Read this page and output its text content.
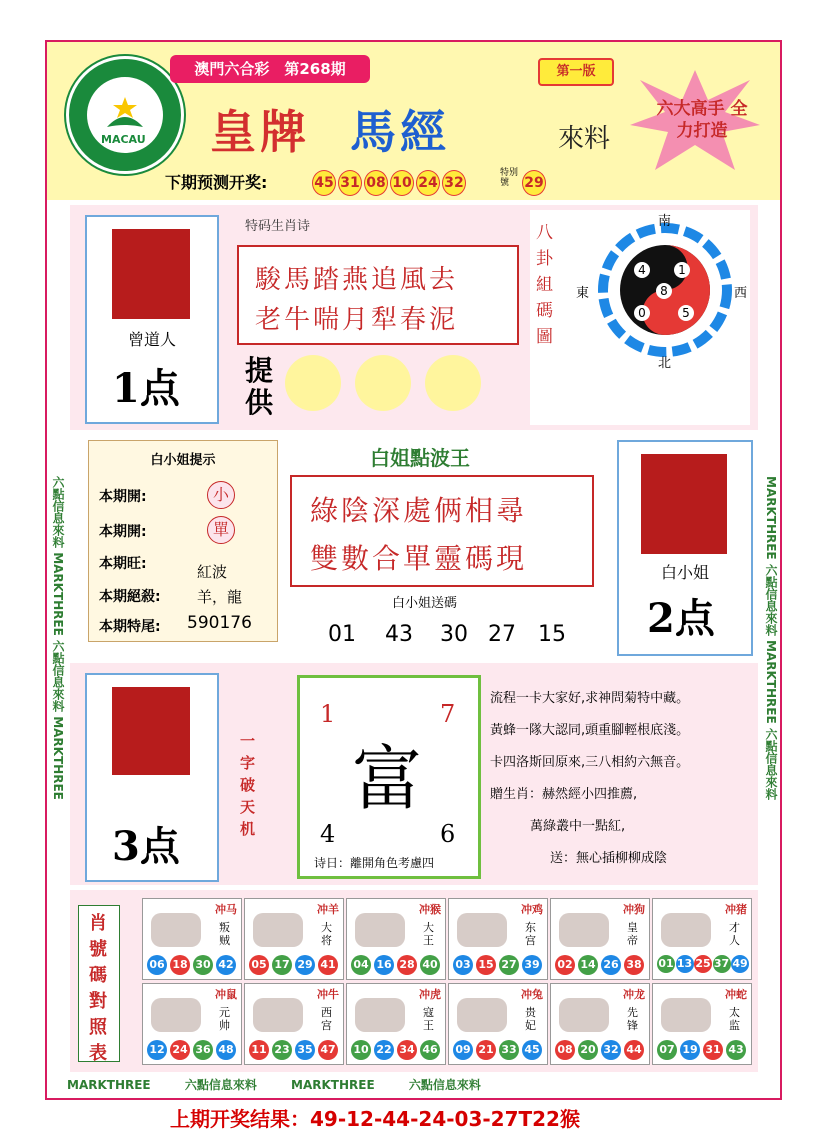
MACAU
澳門六合彩　第268期	第一版
皇牌 馬經	來料
六大高手 全力打造
下期预测开奖:	45 31 08 10 24 32
特别號	29
六點信息來料 MARKTHREE 六點信息來料 MARKTHREE
MARKTHREE 六點信息來料 MARKTHREE 六點信息來料
曾道人
1点
特码生肖诗
駿馬踏燕追風去
老牛喘月犁春泥
提供
八卦組碼圖
南
北
東	西
4	1
8
0	5
白小姐提示
本期開:	小
本期開:	單
本期旺:	紅波
本期絕殺: 羊，龍
本期特尾: 590176
白姐點波王
綠陰深處俩相尋
雙數合單靈碼現
白小姐送碼
01 43 30 27 15
白小姐
2点
3点
一字破天机
1	7
富
4	6
诗日：離開角色考慮四
流程一卡大家好,求神問菊特中藏。
黃蜂一隊大認同,頭重腳輕根底淺。
卡四洛斯回原來,三八相約六無音。
贈生肖：赫然經小四推薦,
萬綠叢中一點紅,
送：無心插柳柳成陰
肖號碼對照表
冲马
叛贼
06 18 30 42
冲羊
大将
05 17 29 41
冲猴
大王
04 16 28 40
冲鸡
东宫
03 15 27 39
冲狗
皇帝
02 14 26 38
冲猪
才人
01 13 25 37 49
冲鼠
元帅
12 24 36 48
冲牛
西宫
11 23 35 47
冲虎
寇王
10 22 34 46
冲兔
贵妃
09 21 33 45
冲龙
先锋
08 20 32 44
冲蛇
太监
07 19 31 43
MARKTHREE	六點信息來料	MARKTHREE	六點信息來料
上期开奖结果：49-12-44-24-03-27T22猴
